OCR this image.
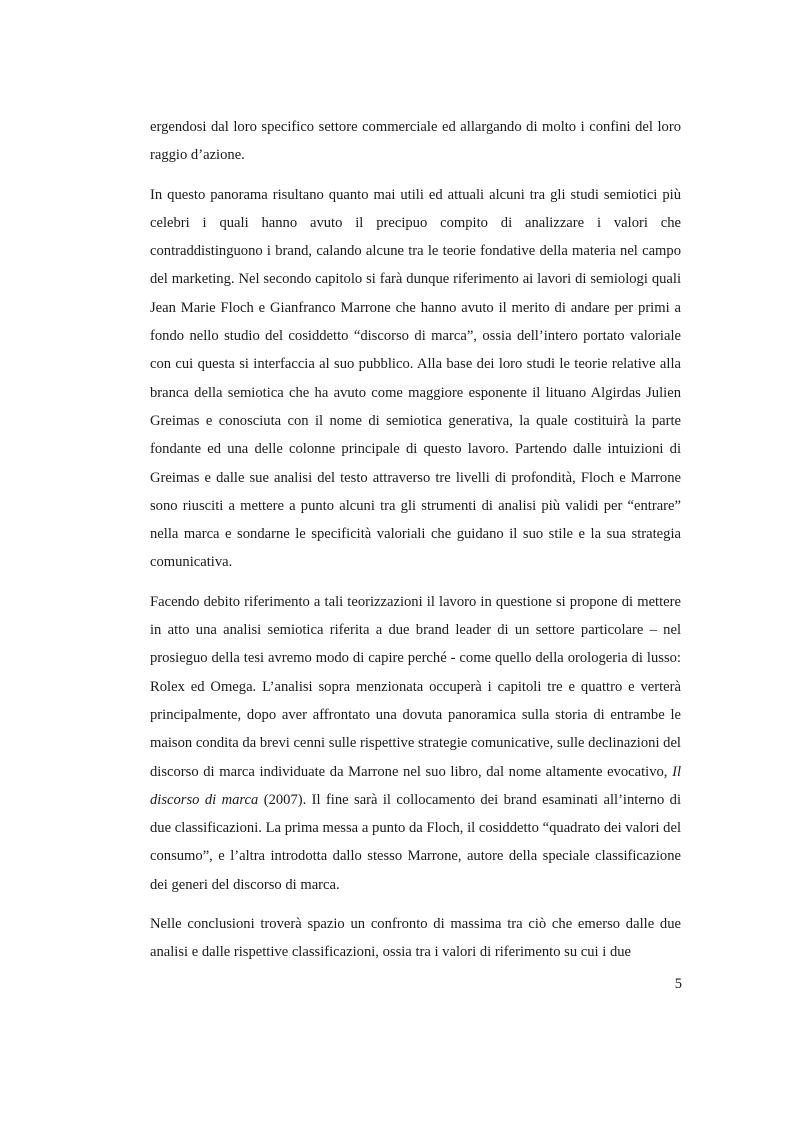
ergendosi dal loro specifico settore commerciale ed allargando di molto i confini del loro raggio d’azione.

In questo panorama risultano quanto mai utili ed attuali alcuni tra gli studi semiotici più celebri i quali hanno avuto il precipuo compito di analizzare i valori che contraddistinguono i brand, calando alcune tra le teorie fondative della materia nel campo del marketing. Nel secondo capitolo si farà dunque riferimento ai lavori di semiologi quali Jean Marie Floch e Gianfranco Marrone che hanno avuto il merito di andare per primi a fondo nello studio del cosiddetto “discorso di marca”, ossia dell’intero portato valoriale con cui questa si interfaccia al suo pubblico. Alla base dei loro studi le teorie relative alla branca della semiotica che ha avuto come maggiore esponente il lituano Algirdas Julien Greimas e conosciuta con il nome di semiotica generativa, la quale costituirà la parte fondante ed una delle colonne principale di questo lavoro. Partendo dalle intuizioni di Greimas e dalle sue analisi del testo attraverso tre livelli di profondità, Floch e Marrone sono riusciti a mettere a punto alcuni tra gli strumenti di analisi più validi per “entrare” nella marca e sondarne le specificità valoriali che guidano il suo stile e la sua strategia comunicativa.

Facendo debito riferimento a tali teorizzazioni il lavoro in questione si propone di mettere in atto una analisi semiotica riferita a due brand leader di un settore particolare – nel prosieguo della tesi avremo modo di capire perché - come quello della orologeria di lusso: Rolex ed Omega. L’analisi sopra menzionata occuperà i capitoli tre e quattro e verterà principalmente, dopo aver affrontato una dovuta panoramica sulla storia di entrambe le maison condita da brevi cenni sulle rispettive strategie comunicative, sulle declinazioni del discorso di marca individuate da Marrone nel suo libro, dal nome altamente evocativo, Il discorso di marca (2007). Il fine sarà il collocamento dei brand esaminati all’interno di due classificazioni. La prima messa a punto da Floch, il cosiddetto “quadrato dei valori del consumo”, e l’altra introdotta dallo stesso Marrone, autore della speciale classificazione dei generi del discorso di marca.

Nelle conclusioni troverà spazio un confronto di massima tra ciò che emerso dalle due analisi e dalle rispettive classificazioni, ossia tra i valori di riferimento su cui i due

5
